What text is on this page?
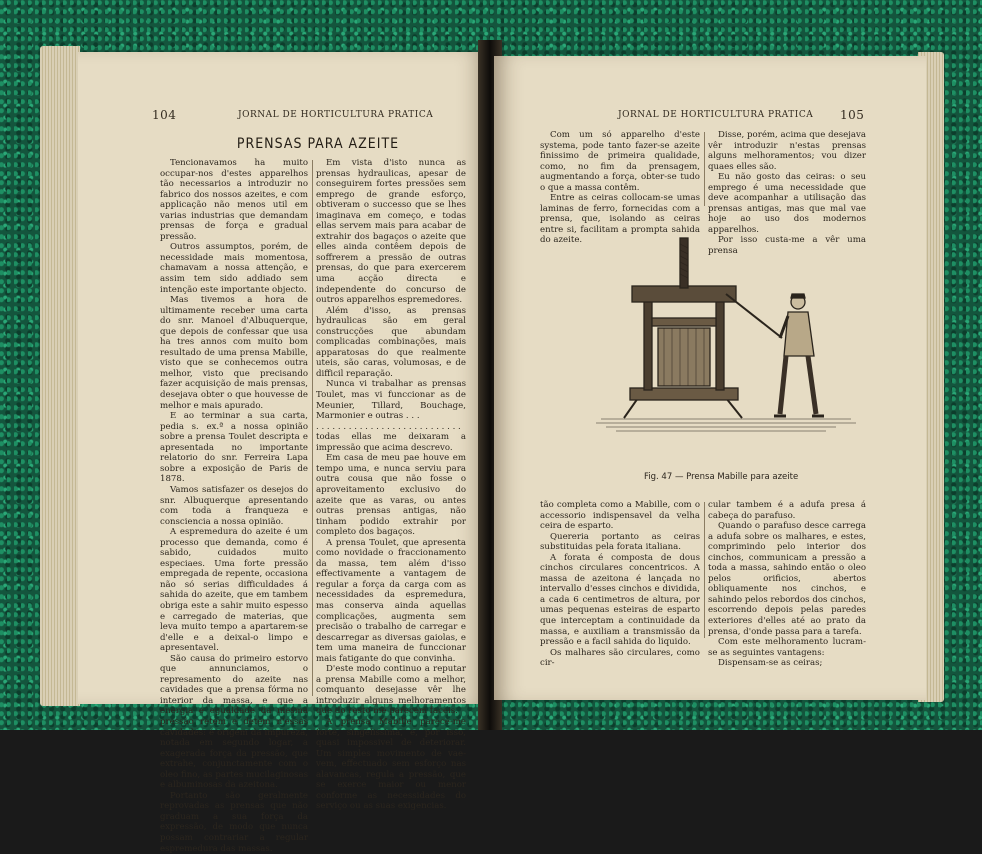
104	JORNAL DE HORTICULTURA PRATICA
PRENSAS PARA AZEITE

Tencionavamos ha muito occupar-nos d'estes apparelhos tão necessarios a introduzir no fabrico dos nossos azeites, e com applicação não menos util em varias industrias que demandam prensas de força e gradual pressão.

Outros assumptos, porém, de necessidade mais momentosa, chamavam a nossa attenção, e assim tem sido addiado sem intenção este importante objecto.

Mas tivemos a hora de ultimamente receber uma carta do snr. Manoel d'Albuquerque, que depois de confessar que usa ha tres annos com muito bom resultado de uma prensa Mabille, visto que se conhecemos outra melhor, visto que precisando fazer acquisição de mais prensas, desejava obter o que houvesse de melhor e mais apurado.

E ao terminar a sua carta, pedia s. ex.ª a nossa opinião sobre a prensa Toulet descripta e apresentada no importante relatorio do snr. Ferreira Lapa sobre a exposição de Paris de 1878.

Vamos satisfazer os desejos do snr. Albuquerque apresentando com toda a franqueza e consciencia a nossa opinião.

A espremedura do azeite é um processo que demanda, como é sabido, cuidados muito especiaes. Uma forte pressão empregada de repente, occasiona não só serias difficuldades á sahida do azeite, que em tambem obriga este a sahir muito espesso e carregado de materias, que leva muito tempo a apartarem-se d'elle e a deixal-o limpo e apresentavel.

São causa do primeiro estorvo que annunciamos, o represamento do azeite nas cavidades que a prensa fórma no interior da massa, e que a energia e egualdade da mesma pressão retem e detem n'essas cavidades: é origem da impureza, notada em segundo logar, a exagerada força da pressão, que extrahe, conjunctamente com o oleo fino, as partes mucilaginosas e albuminosas da azeitona.

Portanto são geralmente reprovadas as prensas que não graduam a sua força da expressão, de modo que nunca possam contrariar a regular espremedura das massas.

Em vista d'isto nunca as prensas hydraulicas, apesar de conseguirem fortes pressões sem emprego de grande esforço, obtiveram o successo que se lhes imaginava em começo, e todas ellas servem mais para acabar de extrahir dos bagaços o azeite que elles ainda contêem depois de soffrerem a pressão de outras prensas, do que para exercerem uma acção directa e independente do concurso de outros apparelhos espremedores.

Além d'isso, as prensas hydraulicas são em geral construcções que abundam complicadas combinações, mais apparatosas do que realmente uteis, são caras, volumosas, e de difficil reparação.

Nunca vi trabalhar as prensas Toulet, mas vi funccionar as de Meunier, Tillard, Bouchage, Marmonier e outras . . .

. . . . . . . . . . . . . . . . . . . . . . . . . . .

todas ellas me deixaram a impressão que acima descrevo.

Em casa de meu pae houve em tempo uma, e nunca serviu para outra cousa que não fosse o aproveitamento exclusivo do azeite que as varas, ou antes outras prensas antigas, não tinham podido extrahir por completo dos bagaços.

A prensa Toulet, que apresenta como novidade o fraccionamento da massa, tem além d'isso effectivamente a vantagem de regular a força da carga com as necessidades da espremedura, mas conserva ainda aquellas complicações, augmenta sem precisão o trabalho de carregar e descarregar as diversas gaiolas, e tem uma maneira de funccionar mais fatigante do que convinha.

D'este modo continuo a reputar a prensa Mabille como a melhor, comquanto desejasse vêr lhe introduzir alguns melhoramentos que do resto me parecem faceis.

A prensa Mabille parece-me forte, singelissima, e, por isso, quasi impossivel de deteriorar. Um simples movimento de vae-vem, effectuado sem esforço nas alavancas, regula a pressão, que se exerce maior ou menor conforme as necessidades do serviço ou as suas exigencias.

JORNAL DE HORTICULTURA PRATICA 105

Com um só apparelho d'este systema, pode tanto fazer-se azeite finissimo de primeira qualidade, como, no fim da prensagem, augmentando a força, obter-se tudo o que a massa contêm.

Entre as ceiras collocam-se umas laminas de ferro, fornecidas com a prensa, que, isolando as ceiras entre si, facilitam a prompta sahida do azeite.

Disse, porém, acima que desejava vêr introduzir n'estas prensas alguns melhoramentos; vou dizer quaes elles são.

Eu não gosto das ceiras: o seu emprego é uma necessidade que deve acompanhar a utilisação das prensas antigas, mas que mal vae hoje ao uso dos modernos apparelhos.

Por isso custa-me a vêr uma prensa

Fig. 47 — Prensa Mabille para azeite

tão completa como a Mabille, com o accessorio indispensavel da velha ceira de esparto.

Quereria portanto as ceiras substituidas pela forata italiana.

A forata é composta de dous cinchos circulares concentricos. A massa de azeitona é lançada no intervallo d'esses cinchos e dividida, a cada 6 centimetros de altura, por umas pequenas esteiras de esparto que interceptam a continuidade da massa, e auxiliam a transmissão da pressão e a facil sahida do liquido.

Os malhares são circulares, como cir-

cular tambem é a adufa presa á cabeça do parafuso.

Quando o parafuso desce carrega a adufa sobre os malhares, e estes, comprimindo pelo interior dos cinchos, communicam a pressão a toda a massa, sahindo então o oleo pelos orificios, abertos obliquamente nos cinchos, e sahindo pelos rebordos dos cinchos, escorrendo depois pelas paredes exteriores d'elles até ao prato da prensa, d'onde passa para a tarefa.

Com este melhoramento lucram-se as seguintes vantagens:

Dispensam-se as ceiras;
